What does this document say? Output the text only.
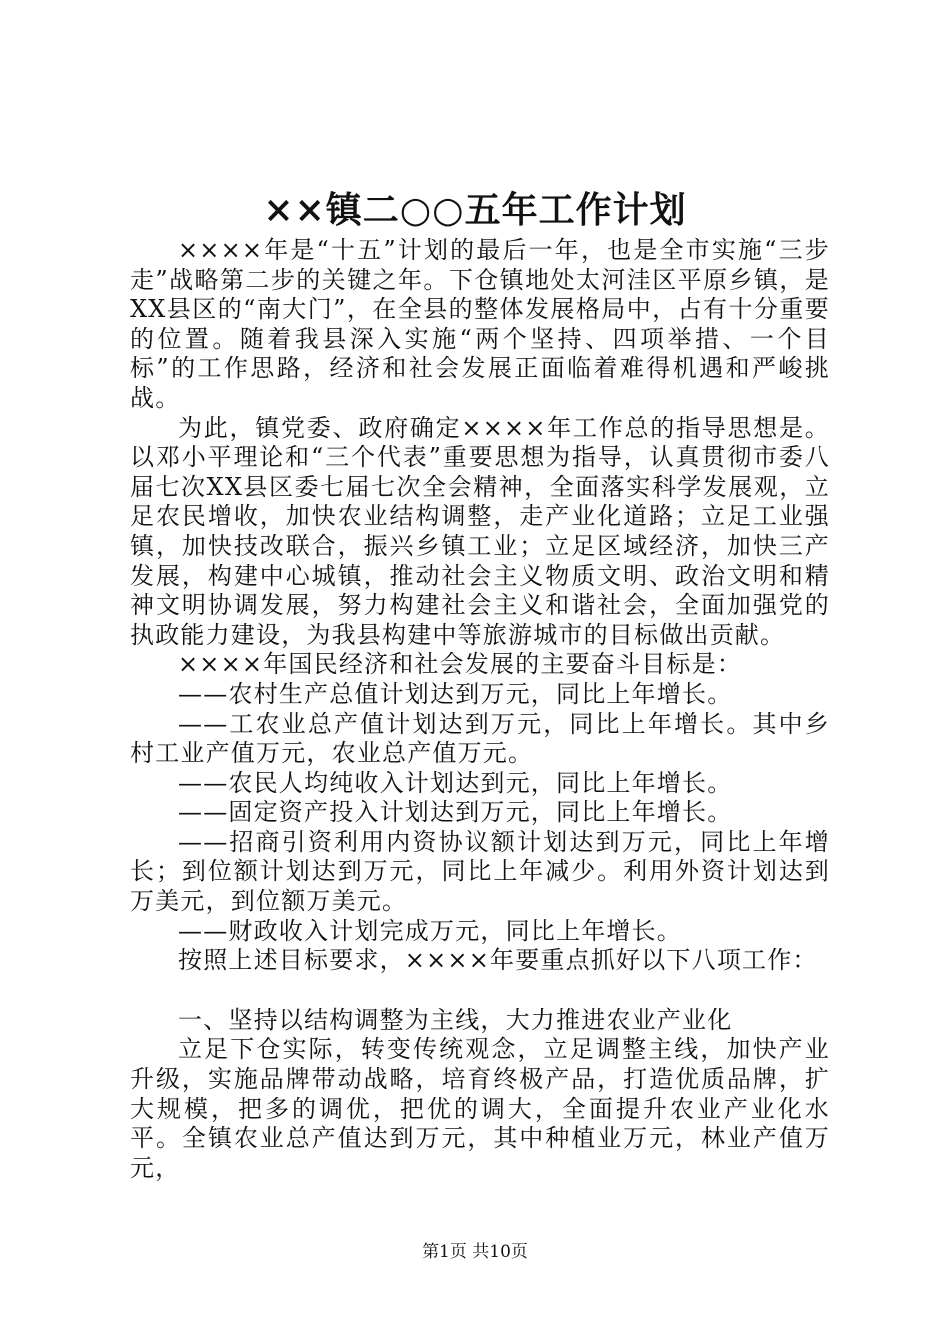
××镇二○○五年工作计划

××××年是“十五”计划的最后一年，也是全市实施“三步走”战略第二步的关键之年。下仓镇地处太河洼区平原乡镇，是XX县区的“南大门”，在全县的整体发展格局中，占有十分重要的位置。随着我县深入实施“两个坚持、四项举措、一个目标”的工作思路，经济和社会发展正面临着难得机遇和严峻挑战。

为此，镇党委、政府确定××××年工作总的指导思想是。以邓小平理论和“三个代表”重要思想为指导，认真贯彻市委八届七次XX县区委七届七次全会精神，全面落实科学发展观，立足农民增收，加快农业结构调整，走产业化道路；立足工业强镇，加快技改联合，振兴乡镇工业；立足区域经济，加快三产发展，构建中心城镇，推动社会主义物质文明、政治文明和精神文明协调发展，努力构建社会主义和谐社会，全面加强党的执政能力建设，为我县构建中等旅游城市的目标做出贡献。

××××年国民经济和社会发展的主要奋斗目标是：

——农村生产总值计划达到万元，同比上年增长。

——工农业总产值计划达到万元，同比上年增长。其中乡村工业产值万元，农业总产值万元。

——农民人均纯收入计划达到元，同比上年增长。

——固定资产投入计划达到万元，同比上年增长。

——招商引资利用内资协议额计划达到万元，同比上年增长；到位额计划达到万元，同比上年减少。利用外资计划达到万美元，到位额万美元。

——财政收入计划完成万元，同比上年增长。

按照上述目标要求，××××年要重点抓好以下八项工作：

一、坚持以结构调整为主线，大力推进农业产业化

立足下仓实际，转变传统观念，立足调整主线，加快产业升级，实施品牌带动战略，培育终极产品，打造优质品牌，扩大规模，把多的调优，把优的调大，全面提升农业产业化水平。全镇农业总产值达到万元，其中种植业万元，林业产值万元，

第1页 共10页
